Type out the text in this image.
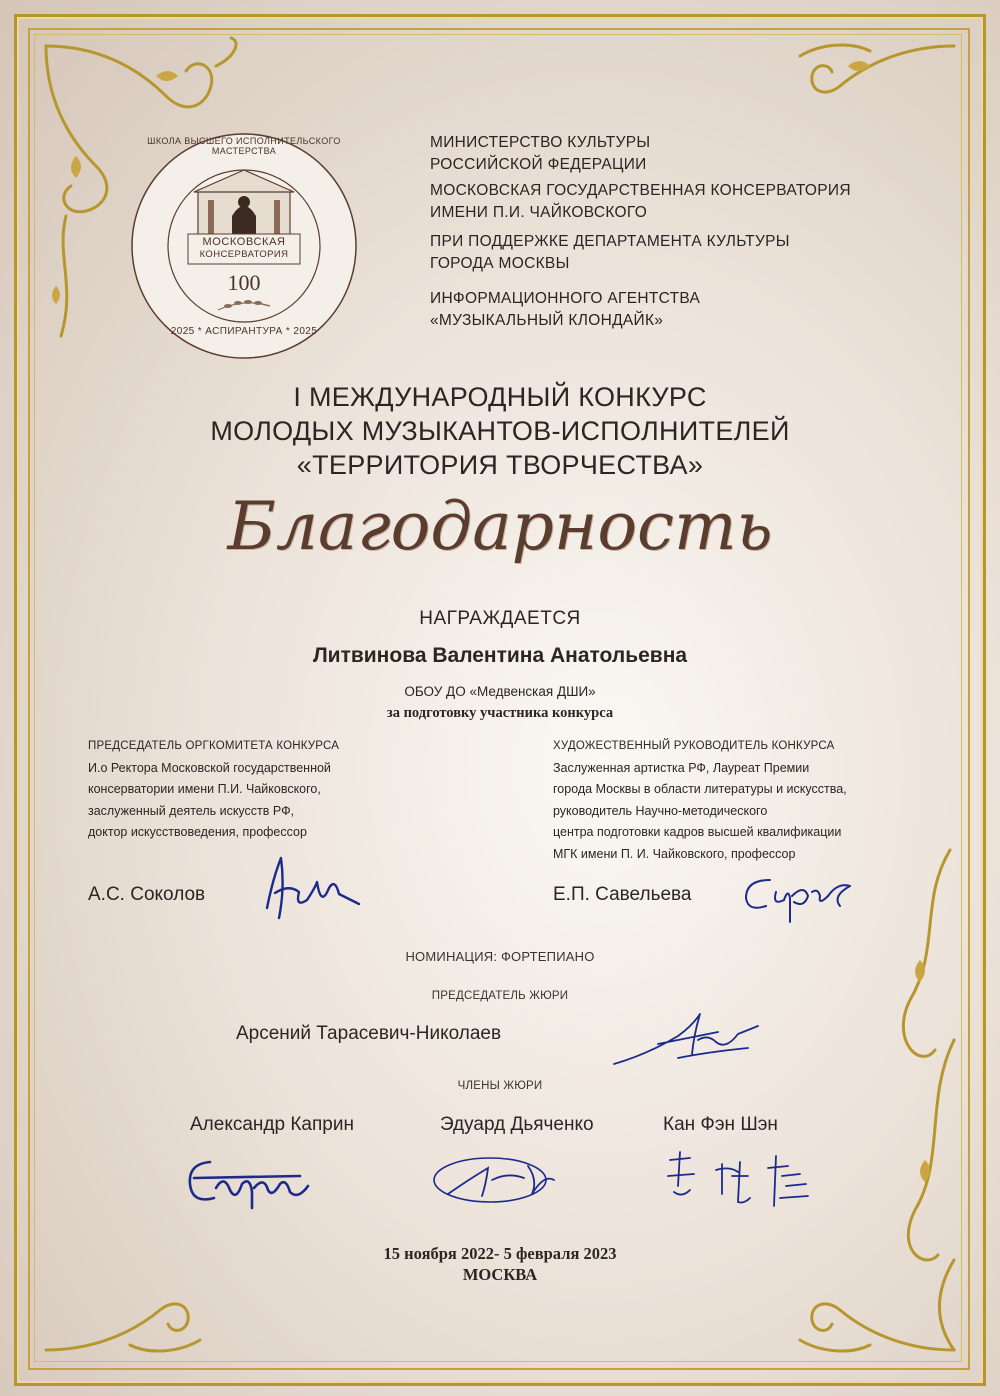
ШКОЛА ВЫСШЕГО ИСПОЛНИТЕЛЬСКОГО МАСТЕРСТВА
МОСКОВСКАЯ
КОНСЕРВАТОРИЯ
100
2025 * АСПИРАНТУРА * 2025
МИНИСТЕРСТВО КУЛЬТУРЫ
РОССИЙСКОЙ ФЕДЕРАЦИИ
МОСКОВСКАЯ ГОСУДАРСТВЕННАЯ КОНСЕРВАТОРИЯ
ИМЕНИ П.И. ЧАЙКОВСКОГО
ПРИ ПОДДЕРЖКЕ ДЕПАРТАМЕНТА КУЛЬТУРЫ
ГОРОДА МОСКВЫ
ИНФОРМАЦИОННОГО АГЕНТСТВА
«МУЗЫКАЛЬНЫЙ КЛОНДАЙК»
I МЕЖДУНАРОДНЫЙ КОНКУРС
МОЛОДЫХ МУЗЫКАНТОВ-ИСПОЛНИТЕЛЕЙ
«ТЕРРИТОРИЯ ТВОРЧЕСТВА»
Благодарность
НАГРАЖДАЕТСЯ
Литвинова Валентина Анатольевна
ОБОУ ДО «Медвенская ДШИ»
за подготовку участника конкурса
ПРЕДСЕДАТЕЛЬ ОРГКОМИТЕТА КОНКУРСА
И.о Ректора Московской государственной
консерватории имени П.И. Чайковского,
заслуженный деятель искусств РФ,
доктор искусствоведения, профессор
А.С. Соколов
ХУДОЖЕСТВЕННЫЙ РУКОВОДИТЕЛЬ КОНКУРСА
Заслуженная артистка РФ, Лауреат Премии
города Москвы в области литературы и искусства,
руководитель Научно-методического
центра подготовки кадров высшей квалификации
МГК имени П. И. Чайковского, профессор
Е.П. Савельева
НОМИНАЦИЯ: ФОРТЕПИАНО
ПРЕДСЕДАТЕЛЬ ЖЮРИ
Арсений Тарасевич-Николаев
ЧЛЕНЫ ЖЮРИ
Александр Каприн	Эдуард Дьяченко	Кан Фэн Шэн
15 ноября 2022- 5 февраля 2023
МОСКВА
